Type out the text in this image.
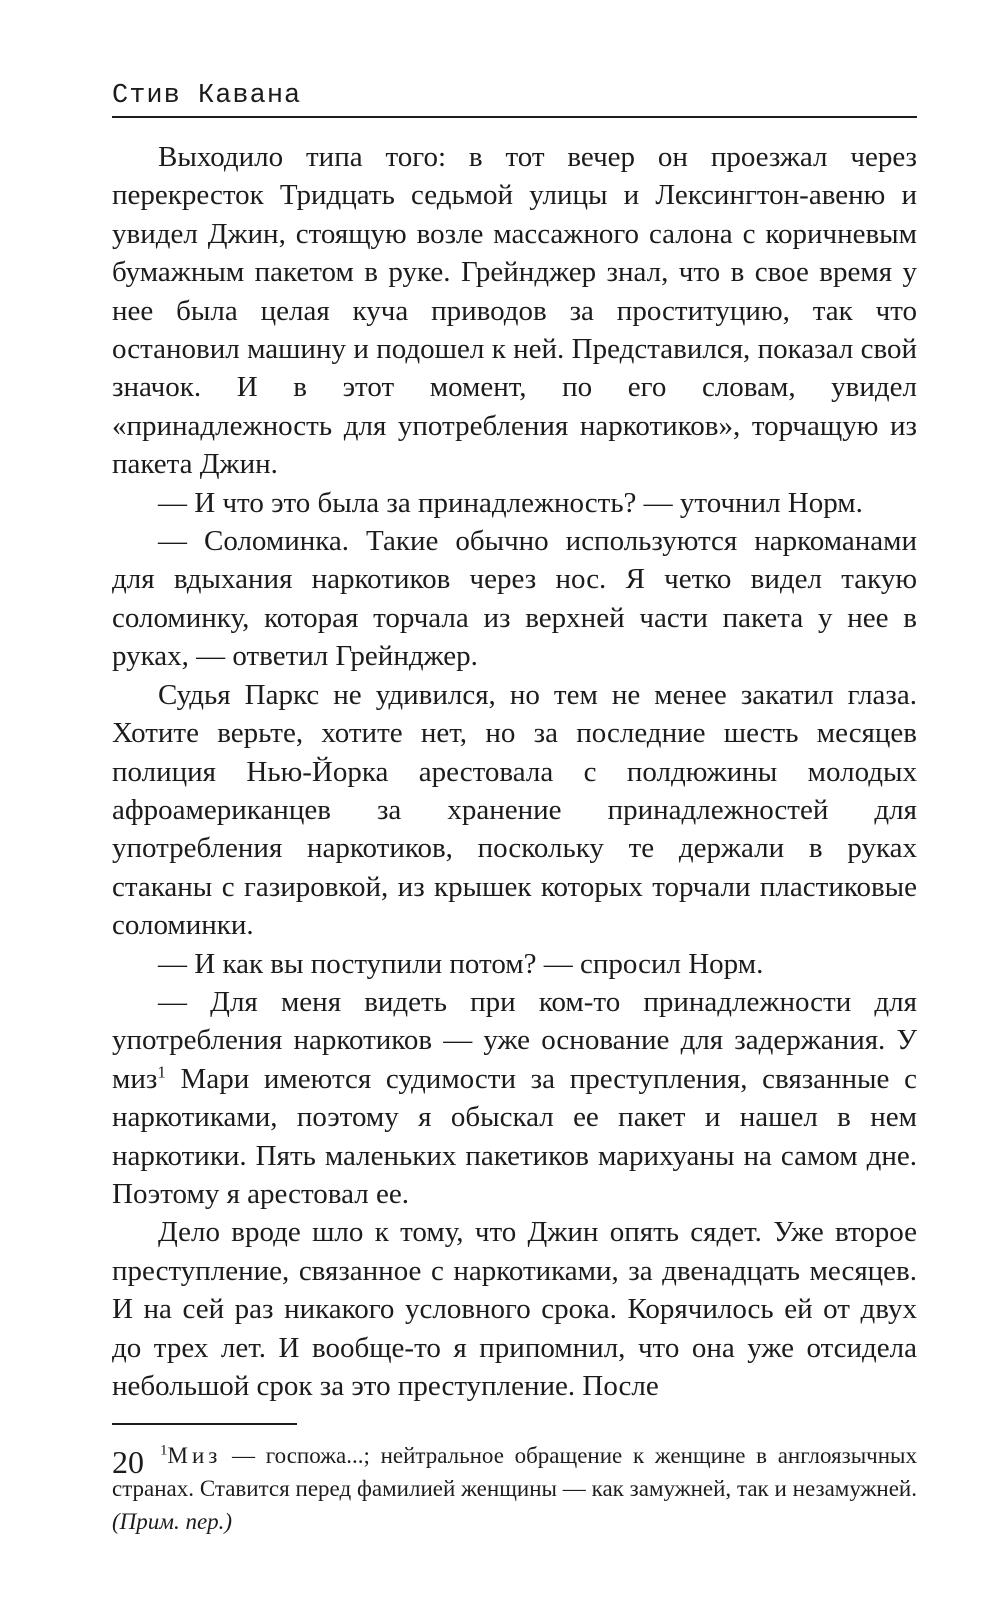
Стив Кавана

Выходило типа того: в тот вечер он проезжал через перекресток Тридцать седьмой улицы и Лексингтон-авеню и увидел Джин, стоящую возле массажного салона с коричневым бумажным пакетом в руке. Грейнджер знал, что в свое время у нее была целая куча приводов за проституцию, так что остановил машину и подошел к ней. Представился, показал свой значок. И в этот момент, по его словам, увидел «принадлежность для употребления наркотиков», торчащую из пакета Джин.

— И что это была за принадлежность? — уточнил Норм.

— Соломинка. Такие обычно используются наркоманами для вдыхания наркотиков через нос. Я четко видел такую соломинку, которая торчала из верхней части пакета у нее в руках, — ответил Грейнджер.

Судья Паркс не удивился, но тем не менее закатил глаза. Хотите верьте, хотите нет, но за последние шесть месяцев полиция Нью-Йорка арестовала с полдюжины молодых афроамериканцев за хранение принадлежностей для употребления наркотиков, поскольку те держали в руках стаканы с газировкой, из крышек которых торчали пластиковые соломинки.

— И как вы поступили потом? — спросил Норм.

— Для меня видеть при ком-то принадлежности для употребления наркотиков — уже основание для задержания. У миз$^1$ Мари имеются судимости за преступления, связанные с наркотиками, поэтому я обыскал ее пакет и нашел в нем наркотики. Пять маленьких пакетиков марихуаны на самом дне. Поэтому я арестовал ее.

Дело вроде шло к тому, что Джин опять сядет. Уже второе преступление, связанное с наркотиками, за двенадцать месяцев. И на сей раз никакого условного срока. Корячилось ей от двух до трех лет. И вообще-то я припомнил, что она уже отсидела небольшой срок за это преступление. После

$^1$Миз — госпожа...; нейтральное обращение к женщине в англоязычных странах. Ставится перед фамилией женщины — как замужней, так и незамужней. (Прим. пер.)

20
